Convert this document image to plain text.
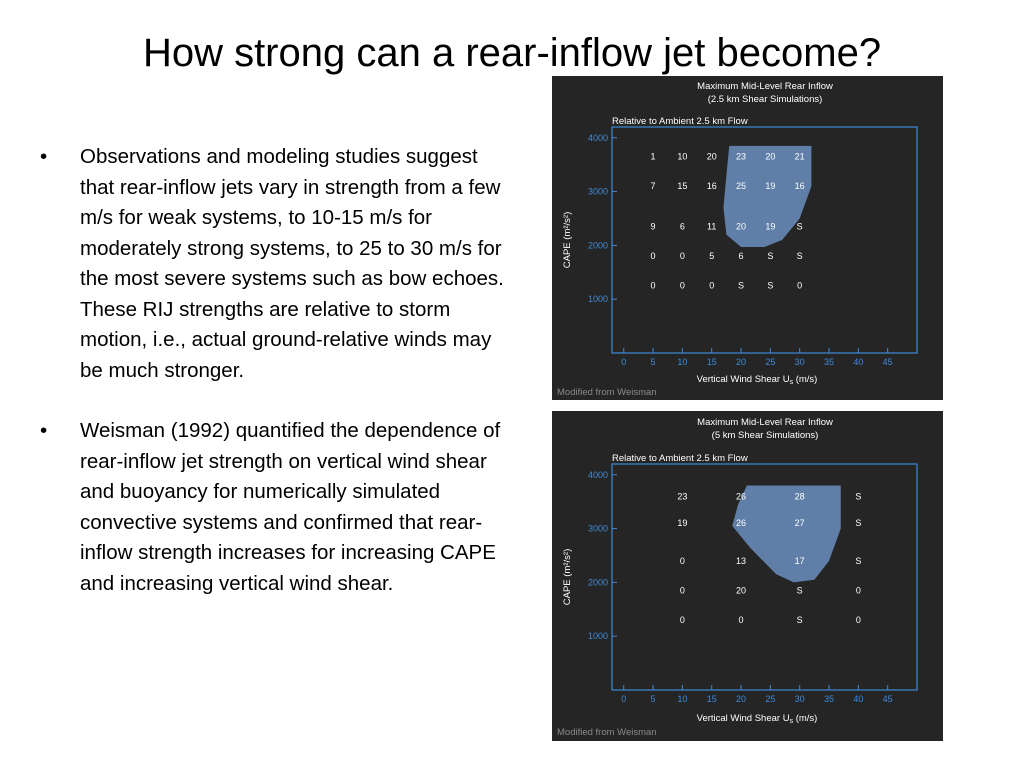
How strong can a rear-inflow jet become?
• Observations and modeling studies suggest that rear-inflow jets vary in strength from a few m/s for weak systems, to 10-15 m/s for moderately strong systems, to 25 to 30 m/s for the most severe systems such as bow echoes. These RIJ strengths are relative to storm motion, i.e., actual ground-relative winds may be much stronger.
• Weisman (1992) quantified the dependence of rear-inflow jet strength on vertical wind shear and buoyancy for numerically simulated convective systems and confirmed that rear-inflow strength increases for increasing CAPE and increasing vertical wind shear.
Maximum Mid-Level Rear Inflow
(2.5 km Shear Simulations)
Relative to Ambient 2.5 km Flow
1000
2000
3000
4000
0	5 10 15 20 25 30 35 40 45
1 10 20 23 20 21
7 15 16 25 19 16
9	6 11 20 19 S
0	0	5	6	S	S
0	0	0	S	S	0
CAPE (m²/s²)
Vertical Wind Shear $U_s$ (m/s)
Modified from Weisman
Maximum Mid-Level Rear Inflow
(5 km Shear Simulations)
Relative to Ambient 2.5 km Flow
1000
2000
3000
4000
0	5 10 15 20 25 30 35 40 45
23	26	28	S
19	26	27	S
0	13	17	S
0	20	S	0
0	0	S	0
CAPE (m²/s²)
Vertical Wind Shear $U_s$ (m/s)
Modified from Weisman
